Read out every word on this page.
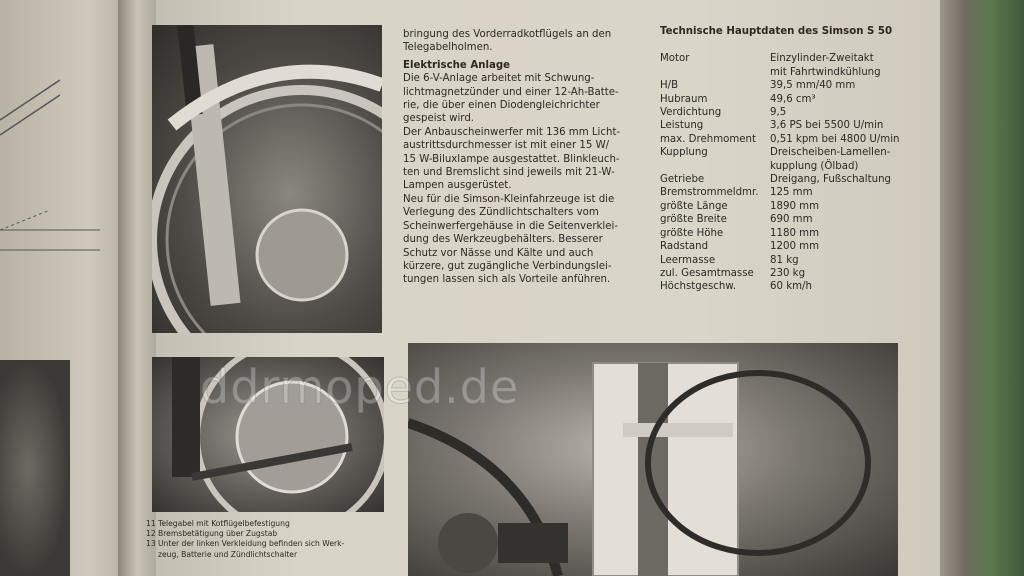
ddrmoped.de

bringung des Vorderradkotflügels an den

Telegabelholmen.

Elektrische Anlage

Die 6-V-Anlage arbeitet mit Schwung-

lichtmagnetzünder und einer 12-Ah-Batte-

rie, die über einen Diodengleichrichter

gespeist wird.

Der Anbauscheinwerfer mit 136 mm Licht-

austrittsdurchmesser ist mit einer 15 W/

15 W-Biluxlampe ausgestattet. Blinkleuch-

ten und Bremslicht sind jeweils mit 21-W-

Lampen ausgerüstet.

Neu für die Simson-Kleinfahrzeuge ist die

Verlegung des Zündlichtschalters vom

Scheinwerfergehäuse in die Seitenverklei-

dung des Werkzeugbehälters. Besserer

Schutz vor Nässe und Kälte und auch

kürzere, gut zugängliche Verbindungslei-

tungen lassen sich als Vorteile anführen.

Technische Hauptdaten des Simson S 50
Motor	Einzylinder-Zweitakt
mit Fahrtwindkühlung
H/B	39,5 mm/40 mm
Hubraum	49,6 cm³
Verdichtung	9,5
Leistung	3,6 PS bei 5500 U/min
max. Drehmoment	0,51 kpm bei 4800 U/min
Kupplung	Dreischeiben-Lamellen-
kupplung (Ölbad)
Getriebe	Dreigang, Fußschaltung
Bremstrommeldmr.	125 mm
größte Länge	1890 mm
größte Breite	690 mm
größte Höhe	1180 mm
Radstand	1200 mm
Leermasse	81 kg
zul. Gesamtmasse	230 kg
Höchstgeschw.	60 km/h
11 Telegabel mit Kotflügelbefestigung
12 Bremsbetätigung über Zugstab
13 Unter der linken Verkleidung befinden sich Werk-
zeug, Batterie und Zündlichtschalter
